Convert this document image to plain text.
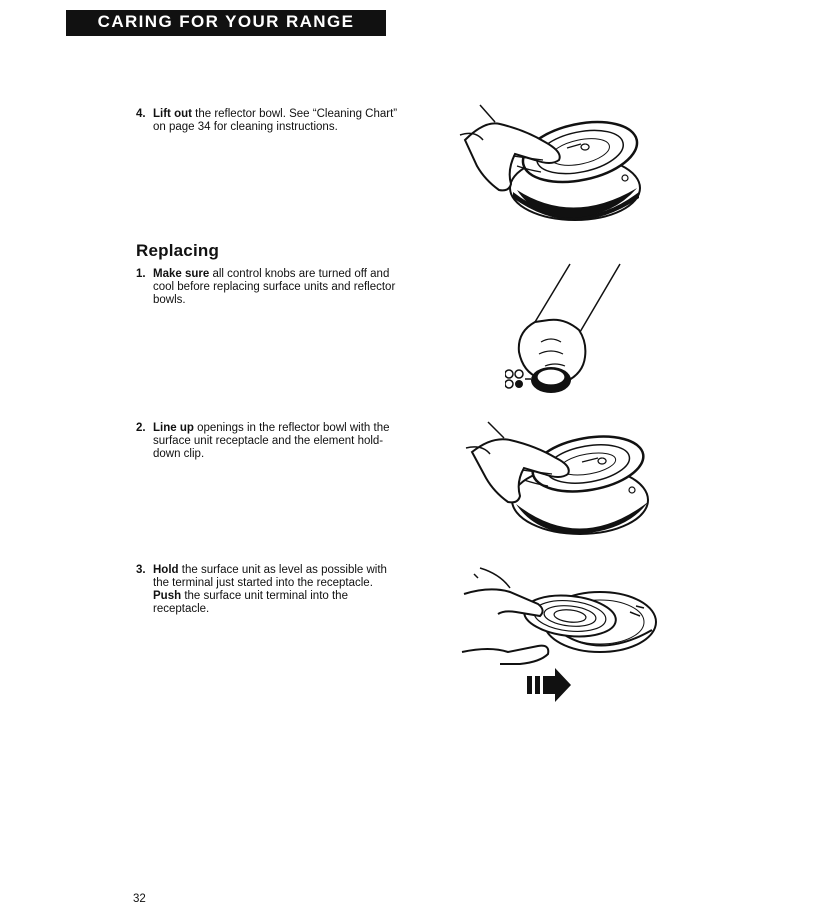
CARING FOR YOUR RANGE
4. Lift out the reflector bowl. See “Cleaning Chart” on page 34 for cleaning instructions.
Replacing
1. Make sure all control knobs are turned off and cool before replacing surface units and reflector bowls.
2. Line up openings in the reflector bowl with the surface unit receptacle and the element hold-down clip.
3. Hold the surface unit as level as possible with the terminal just started into the receptacle. Push the surface unit terminal into the receptacle.
32
